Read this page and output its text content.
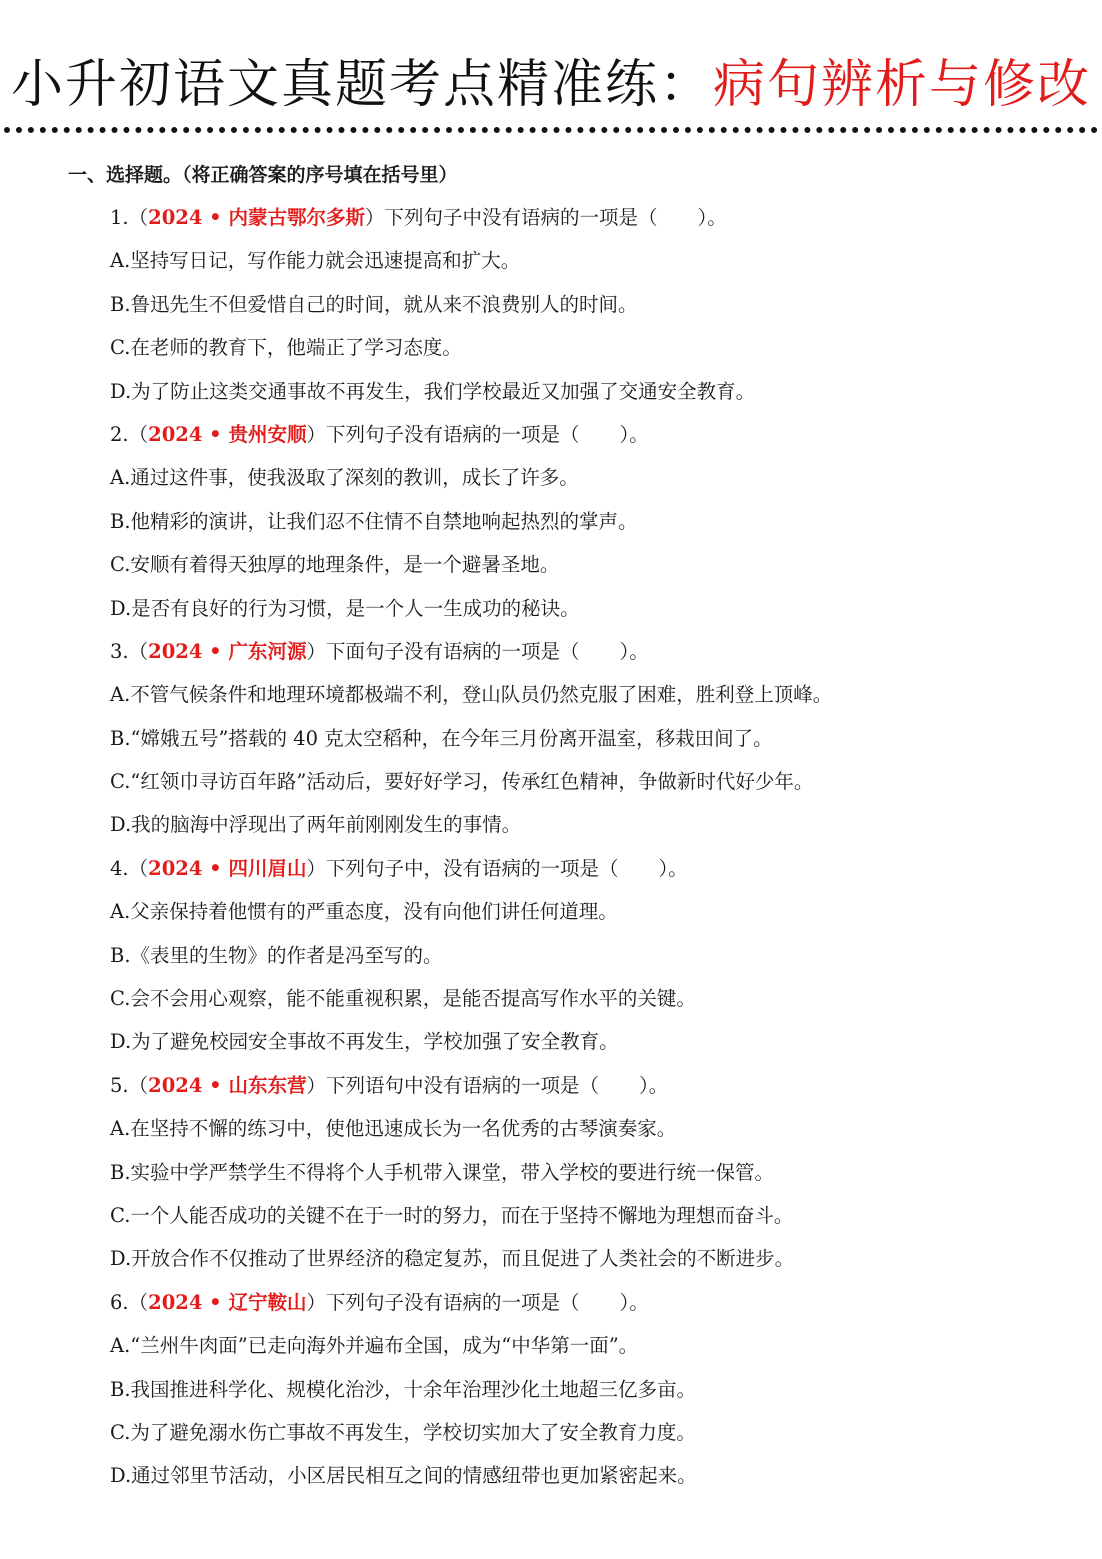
小升初语文真题考点精准练：病句辨析与修改
一、选择题。（将正确答案的序号填在括号里）
1.（2024 • 内蒙古鄂尔多斯）下列句子中没有语病的一项是（ ）。
A.坚持写日记，写作能力就会迅速提高和扩大。
B.鲁迅先生不但爱惜自己的时间，就从来不浪费别人的时间。
C.在老师的教育下，他端正了学习态度。
D.为了防止这类交通事故不再发生，我们学校最近又加强了交通安全教育。
2.（2024 • 贵州安顺）下列句子没有语病的一项是（ ）。
A.通过这件事，使我汲取了深刻的教训，成长了许多。
B.他精彩的演讲，让我们忍不住情不自禁地响起热烈的掌声。
C.安顺有着得天独厚的地理条件，是一个避暑圣地。
D.是否有良好的行为习惯，是一个人一生成功的秘诀。
3.（2024 • 广东河源）下面句子没有语病的一项是（ ）。
A.不管气候条件和地理环境都极端不利，登山队员仍然克服了困难，胜利登上顶峰。
B.“嫦娥五号”搭载的 40 克太空稻种，在今年三月份离开温室，移栽田间了。
C.“红领巾寻访百年路”活动后，要好好学习，传承红色精神，争做新时代好少年。
D.我的脑海中浮现出了两年前刚刚发生的事情。
4.（2024 • 四川眉山）下列句子中，没有语病的一项是（ ）。
A.父亲保持着他惯有的严重态度，没有向他们讲任何道理。
B.《表里的生物》的作者是冯至写的。
C.会不会用心观察，能不能重视积累，是能否提高写作水平的关键。
D.为了避免校园安全事故不再发生，学校加强了安全教育。
5.（2024 • 山东东营）下列语句中没有语病的一项是（ ）。
A.在坚持不懈的练习中，使他迅速成长为一名优秀的古琴演奏家。
B.实验中学严禁学生不得将个人手机带入课堂，带入学校的要进行统一保管。
C.一个人能否成功的关键不在于一时的努力，而在于坚持不懈地为理想而奋斗。
D.开放合作不仅推动了世界经济的稳定复苏，而且促进了人类社会的不断进步。
6.（2024 • 辽宁鞍山）下列句子没有语病的一项是（ ）。
A.“兰州牛肉面”已走向海外并遍布全国，成为“中华第一面”。
B.我国推进科学化、规模化治沙，十余年治理沙化土地超三亿多亩。
C.为了避免溺水伤亡事故不再发生，学校切实加大了安全教育力度。
D.通过邻里节活动，小区居民相互之间的情感纽带也更加紧密起来。
